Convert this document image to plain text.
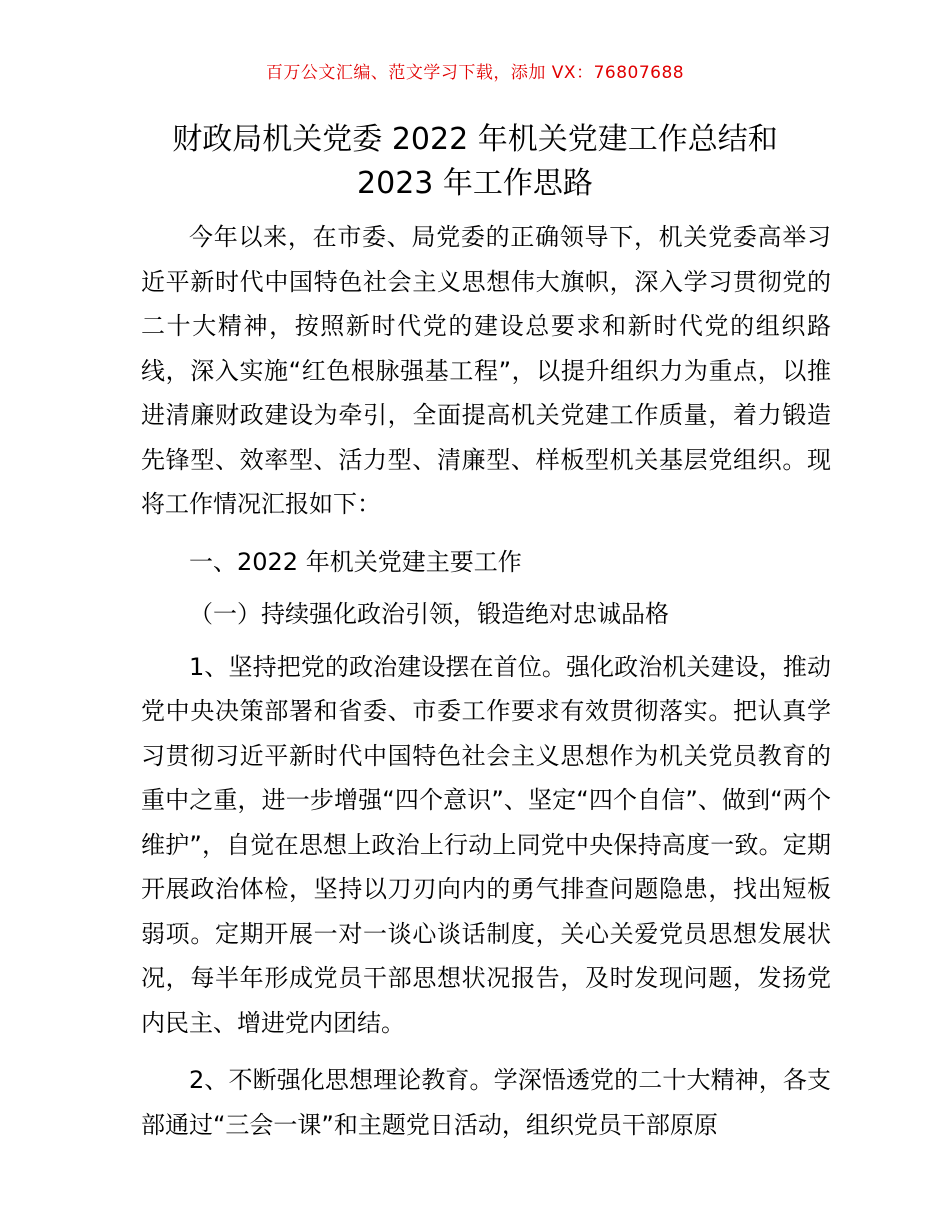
百万公文汇编、范文学习下载，添加 VX：76807688
财政局机关党委 2022 年机关党建工作总结和
2023 年工作思路

今年以来，在市委、局党委的正确领导下，机关党委高举习近平新时代中国特色社会主义思想伟大旗帜，深入学习贯彻党的二十大精神，按照新时代党的建设总要求和新时代党的组织路线，深入实施“红色根脉强基工程”，以提升组织力为重点，以推进清廉财政建设为牵引，全面提高机关党建工作质量，着力锻造先锋型、效率型、活力型、清廉型、样板型机关基层党组织。现将工作情况汇报如下：

一、2022 年机关党建主要工作

（一）持续强化政治引领，锻造绝对忠诚品格

1、坚持把党的政治建设摆在首位。强化政治机关建设，推动党中央决策部署和省委、市委工作要求有效贯彻落实。把认真学习贯彻习近平新时代中国特色社会主义思想作为机关党员教育的重中之重，进一步增强“四个意识”、坚定“四个自信”、做到“两个维护”，自觉在思想上政治上行动上同党中央保持高度一致。定期开展政治体检，坚持以刀刃向内的勇气排查问题隐患，找出短板弱项。定期开展一对一谈心谈话制度，关心关爱党员思想发展状况，每半年形成党员干部思想状况报告，及时发现问题，发扬党内民主、增进党内团结。

2、不断强化思想理论教育。学深悟透党的二十大精神，各支部通过“三会一课”和主题党日活动，组织党员干部原原
